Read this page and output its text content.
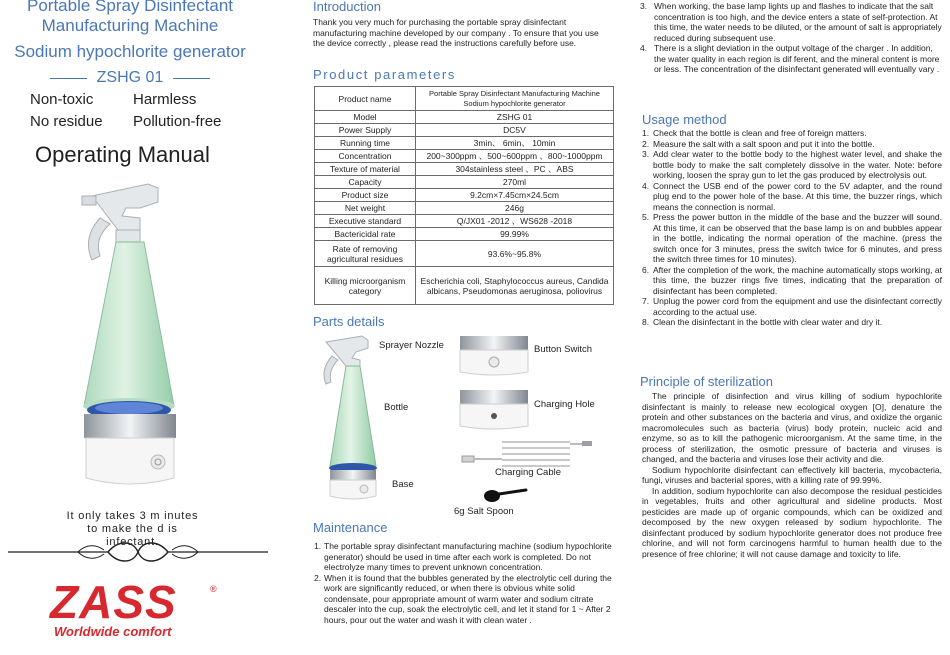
Portable Spray Disinfectant
Manufacturing Machine
Sodium hypochlorite generator
ZSHG 01
Non-toxic	Harmless
No residue Pollution-free
Operating Manual
It only takes 3 m inutes to make the d is infectant.
ZASS	®
Worldwide comfort
Introduction
Thank you very much for purchasing the portable spray disinfectant manufacturing machine developed by our company . To ensure that you use the device correctly , please read the instructions carefully before use.
Product parameters
Product name	Portable Spray Disinfectant Manufacturing Machine Sodium hypochlorite generator
Model	ZSHG 01
Power Supply	DC5V
Running time	3min、 6min、 10min
Concentration	200~300ppm 、500~600ppm 、800~1000ppm
Texture of material	304stainless steel 、PC 、ABS
Capacity	270ml
Product size	9.2cm×7.45cm×24.5cm
Net weight	246g
Executive standard	Q/JX01 -2012 、WS628 -2018
Bactericidal rate	99.99%
Rate of removing agricultural residues	93.6%~95.8%
Killing microorganism category	Escherichia coli, Staphylococcus aureus, Candida albicans, Pseudomonas aeruginosa, poliovirus
Parts details
Sprayer Nozzle
Bottle
Base
Button Switch
Charging Hole
Charging Cable
6g Salt Spoon
Maintenance
1. The portable spray disinfectant manufacturing machine (sodium hypochlorite generator) should be used in time after each work is completed. Do not electrolyze many times to prevent unknown concentration.
2. When it is found that the bubbles generated by the electrolytic cell during the work are significantly reduced, or when there is obvious white solid condensate, pour appropriate amount of warm water and sodium citrate descaler into the cup, soak the electrolytic cell, and let it stand for 1 ~ After 2 hours, pour out the water and wash it with clean water .
3. When working, the base lamp lights up and flashes to indicate that the salt concentration is too high, and the device enters a state of self-protection. At this time, the water needs to be diluted, or the amount of salt is appropriately reduced during subsequent use.
4. There is a slight deviation in the output voltage of the charger . In addition, the water quality in each region is dif ferent, and the mineral content is more or less. The concentration of the disinfectant generated will eventually vary .
Usage method
1. Check that the bottle is clean and free of foreign matters.
2. Measure the salt with a salt spoon and put it into the bottle.
3. Add clear water to the bottle body to the highest water level, and shake the bottle body to make the salt completely dissolve in the water. Note: before working, loosen the spray gun to let the gas produced by electrolysis out.
4. Connect the USB end of the power cord to the 5V adapter, and the round plug end to the power hole of the base. At this time, the buzzer rings, which means the connection is normal.
5. Press the power button in the middle of the base and the buzzer will sound. At this time, it can be observed that the base lamp is on and bubbles appear in the bottle, indicating the normal operation of the machine. (press the switch once for 3 minutes, press the switch twice for 6 minutes, and press the switch three times for 10 minutes).
6. After the completion of the work, the machine automatically stops working, at this time, the buzzer rings five times, indicating that the preparation of disinfectant has been completed.
7. Unplug the power cord from the equipment and use the disinfectant correctly according to the actual use.
8. Clean the disinfectant in the bottle with clear water and dry it.
Principle of sterilization

The principle of disinfection and virus killing of sodium hypochlorite disinfectant is mainly to release new ecological oxygen [O], denature the protein and other substances on the bacteria and virus, and oxidize the organic macromolecules such as bacteria (virus) body protein, nucleic acid and enzyme, so as to kill the pathogenic microorganism. At the same time, in the process of sterilization, the osmotic pressure of bacteria and viruses is changed, and the bacteria and viruses lose their activity and die.

Sodium hypochlorite disinfectant can effectively kill bacteria, mycobacteria, fungi, viruses and bacterial spores, with a killing rate of 99.99%.

In addition, sodium hypochlorite can also decompose the residual pesticides in vegetables, fruits and other agricultural and sideline products. Most pesticides are made up of organic compounds, which can be oxidized and decomposed by the new oxygen released by sodium hypochlorite. The disinfectant produced by sodium hypochlorite generator does not produce free chlorine, and will not form carcinogens harmful to human health due to the presence of free chlorine; it will not cause damage and toxicity to life.
